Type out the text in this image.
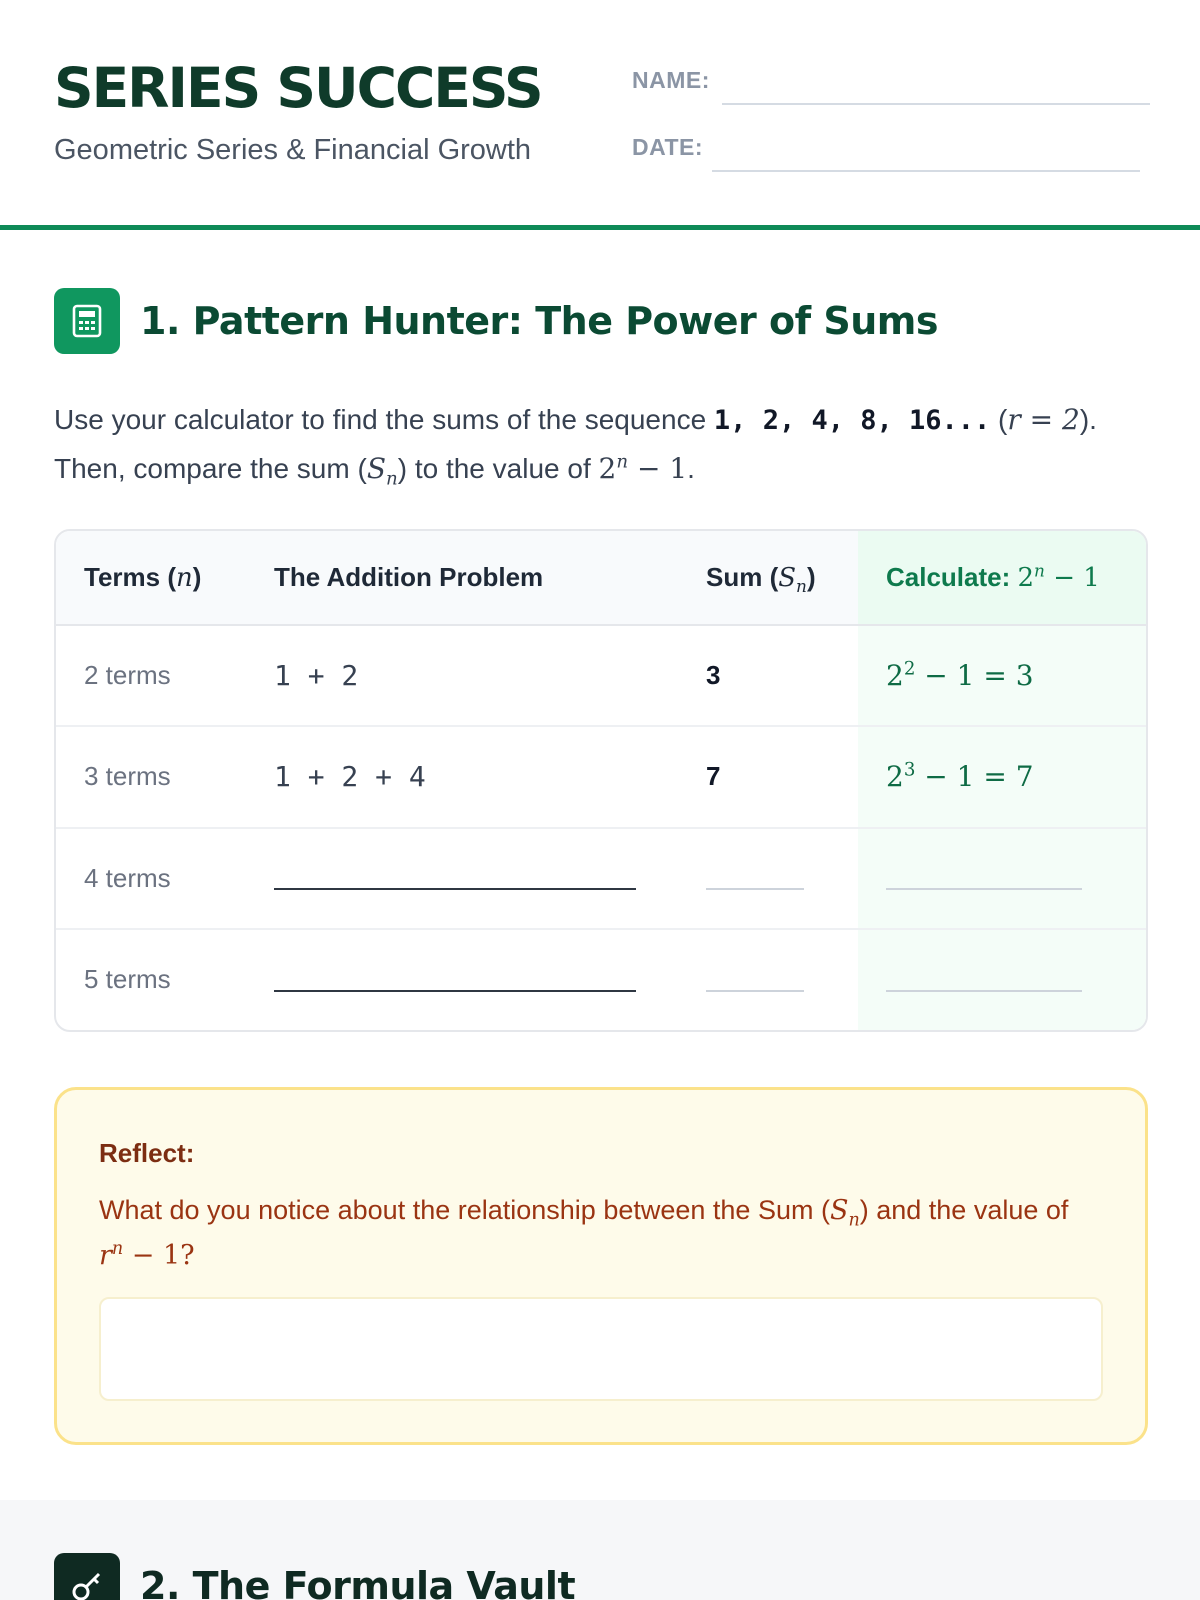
SERIES SUCCESS
Geometric Series & Financial Growth
NAME:
DATE:
1. Pattern Hunter: The Power of Sums
Use your calculator to find the sums of the sequence 1, 2, 4, 8, 16... (r = 2). Then, compare the sum $(S_n)$ to the value of $2^n - 1$.
Terms (n)	The Addition Problem	Sum $(S_n)$	Calculate: $2^n - 1$
2 terms	1 + 2	3	$2^2 - 1 = 3$
3 terms	1 + 2 + 4	7	$2^3 - 1 = 7$
4 terms			
5 terms			
Reflect:
What do you notice about the relationship between the Sum $(S_n)$ and the value of $r^n - 1$?
2. The Formula Vault
